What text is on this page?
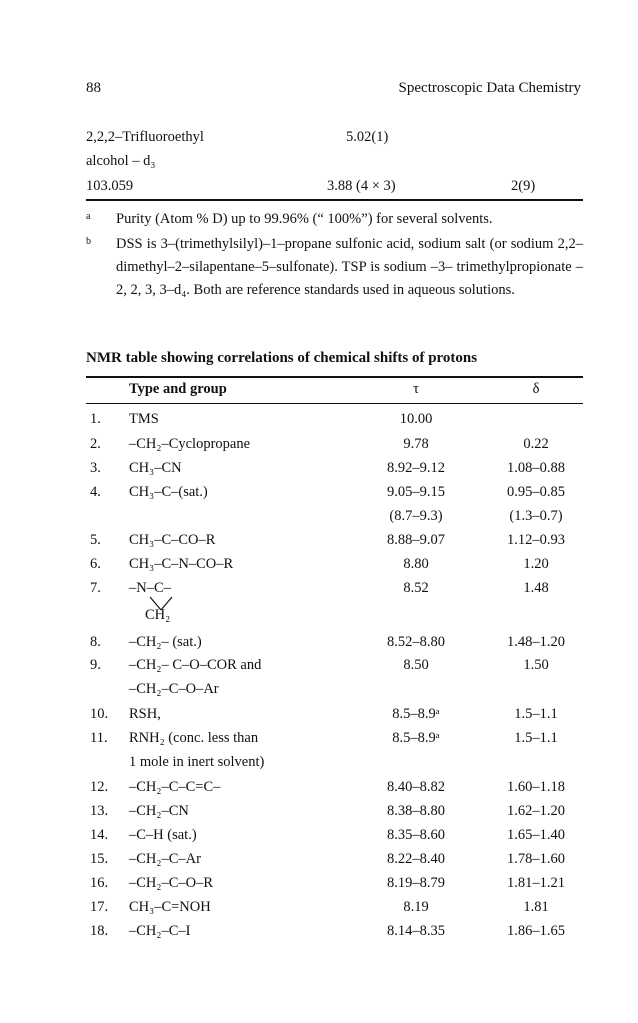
88	Spectroscopic Data Chemistry
2,2,2–Trifluoroethyl	5.02(1)
alcohol – d₃
103.059	3.88 (4 × 3)	2(9)
a Purity (Atom % D) up to 99.96% (“ 100%”) for several solvents.
b DSS is 3–(trimethylsilyl)–1–propane sulfonic acid, sodium salt (or sodium 2,2–dimethyl–2–silapentane–5–sulfonate). TSP is sodium –3– trimethylpropionate –2, 2, 3, 3–d₄. Both are reference standards used in aqueous solutions.
NMR table showing correlations of chemical shifts of protons
Type and group	τ	δ
1. TMS	10.00
2. –CH₂–Cyclopropane	9.78	0.22
3. CH₃–CN	8.92–9.12	1.08–0.88
4. CH₃–C–(sat.)	9.05–9.15	0.95–0.85
(8.7–9.3)	(1.3–0.7)
5. CH₃–C–CO–R	8.88–9.07	1.12–0.93
6. CH₃–C–N–CO–R	8.80	1.20
7. –N–C–
CH₂
8.52	1.48
8. –CH₂– (sat.)	8.52–8.80	1.48–1.20
9. –CH₂– C–O–COR and
–CH₂–C–O–Ar
8.50	1.50
10. RSH,	8.5–8.9ᵃ	1.5–1.1
11. RNH₂ (conc. less than
1 mole in inert solvent)
8.5–8.9ᵃ	1.5–1.1
12. –CH₂–C–C=C–	8.40–8.82	1.60–1.18
13. –CH₂–CN	8.38–8.80	1.62–1.20
14. –C–H (sat.)	8.35–8.60	1.65–1.40
15. –CH₂–C–Ar	8.22–8.40	1.78–1.60
16. –CH₂–C–O–R	8.19–8.79	1.81–1.21
17. CH₃–C=NOH	8.19	1.81
18. –CH₂–C–I	8.14–8.35	1.86–1.65
